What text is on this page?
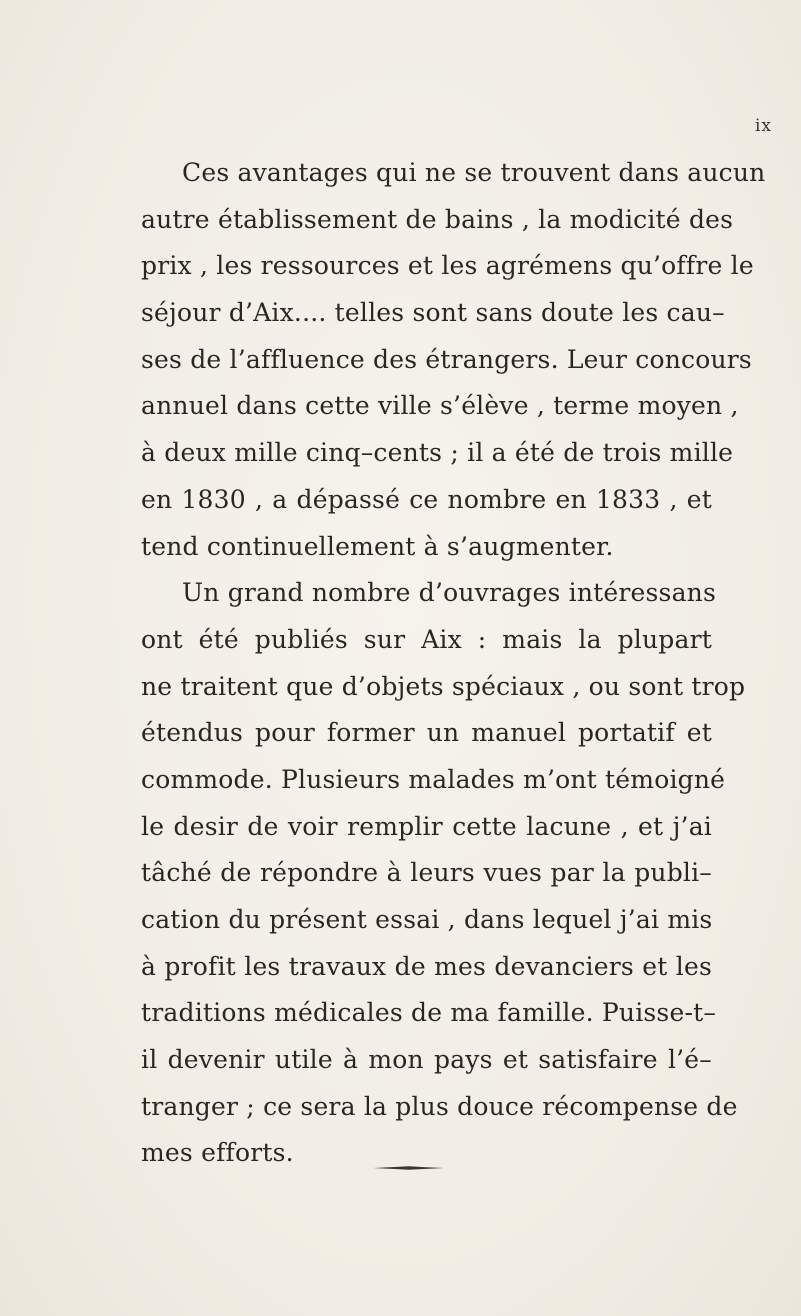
ix
Ces avantages qui ne se trouvent dans aucun
autre établissement de bains , la modicité des
prix , les ressources et les agrémens qu’offre le
séjour d’Aix.... telles sont sans doute les cau–
ses de l’affluence des étrangers. Leur concours
annuel dans cette ville s’élève , terme moyen ,
à deux mille cinq–cents ; il a été de trois mille
en 1830 , a dépassé ce nombre en 1833 , et
tend continuellement à s’augmenter.
Un grand nombre d’ouvrages intéressans
ont été publiés sur Aix : mais la plupart
ne traitent que d’objets spéciaux , ou sont trop
étendus pour former un manuel portatif et
commode. Plusieurs malades m’ont témoigné
le desir de voir remplir cette lacune , et j’ai
tâché de répondre à leurs vues par la publi–
cation du présent essai , dans lequel j’ai mis
à profit les travaux de mes devanciers et les
traditions médicales de ma famille. Puisse-t–
il devenir utile à mon pays et satisfaire l’é–
tranger ; ce sera la plus douce récompense de
mes efforts.
